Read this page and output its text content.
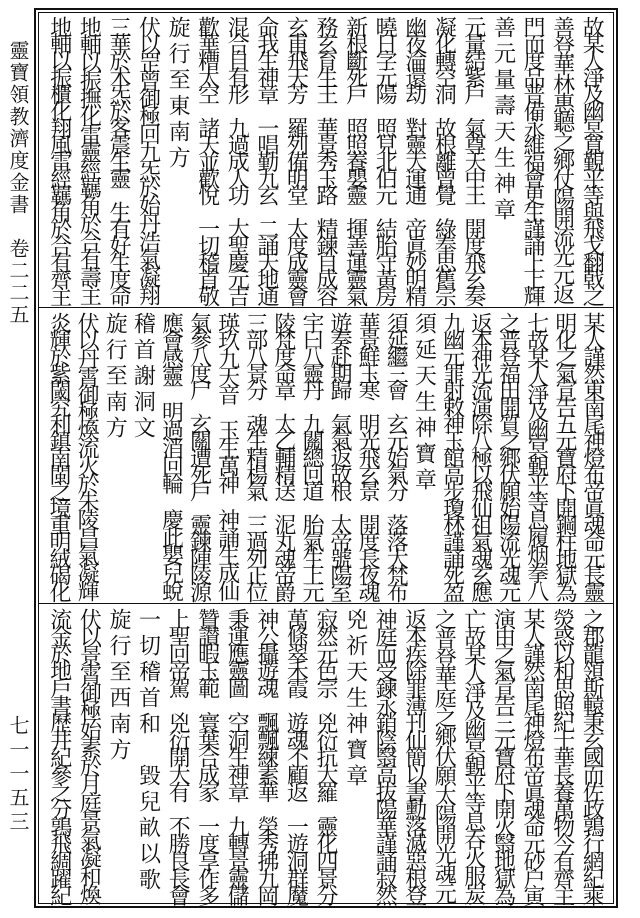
靈寶領教濟度金書　卷二二五
七一一五三
故某人淨及幽冥寬覲平等與飛戈翻戟之
善登華林惠聽之鄉仗陽開流光元返
門而度品普備永維福會更生謹誦上上輝
善元量壽天生神章
元量結紫戶　氣尊天中王　開度飛玄奏
凝化轉空洞　故根離曾覺　綠奉思舊宗
幽夜淪還劫　對靈大運通　帝眞妙明精
曉日字元陽　照見北伯元　結胎守黃房
新根斷死戶　照照養嬰靈　揮善運靈氣
務玄育生王　華景秀玉路　精鍊自成容
玄甫飛天芳　羅列備明堂　太度成靈會
命我生神章　一唱勤九玄　二誦天地通
混合自有形　九過成人功　大聖慶元吉
歡華糟太空　諸天並歡悅　一切稽首敬
旋行至東南方
伏以罡曾御極回九炁於始丹浩氣凝翔
三華於木炁於客震生靈　生有好生度命
地軸以振撫化雷靈經羈角於合有壽主
地軸以振櫃化翔風雷經羈角於合有齊主
某人謹然東南尾神燈布帝眞魂命元長靈
明化之氣宣告五元寶府下開鋼柱地獄為
七故某人淨及幽冥覲平等息履烟拳八
之普登福田開質之鄉伏願始陽流光魂元
返本神光流演除八極以飛仙祖氣魂玄應
九幽元罪射敕神玉館高步瓊林謹誦死盈
須延天生神寶章
須延繼三會　玄元始氣分　落落大梵布
華景鮮玉寒　明光飛玄景　開度長夜魂
遊奏赴期歸　氣氣返故根　太帝號陽室
宇曰八靈丹　九關總回道　胎氣生上元
陵梵度命章　太乙輔精送　泥丸魂帝爵
三部八景分　魂生精楊氣　三過列正位
瑛玖九天音　玉生萬神　神誦生成仙
氣參八度尸　玄關遭死戶　靈鍊陣陵源
應會感靈　明過消回輪　慶此嬰兒蛻
稽首謝洞文
旋行至南方
伏以丹霄御極煥流火於朱陵昌氣凝輝
炎輝於紫閾究利鎮南閩之境重明絨碣化
之郡龍領斯轅秉玄國而佐政鶉行網紀乘
熒惑以和思照紀十華長養萬物今有齊主
某人謹然南尾神燈布帝眞魂命元砂户寅
演由之氣宣告三元寶府下開火翳地獄為
亡故某人淨及幽冥覲平等息吞火服炭
之普登華庭之鄉伏願太陽開光魂元
返本疾除罪薄刊仙簡以書勳落滅惡根登
神庭而受鍊永銷陰翳高拔陽華謹誦寂然
兇祈天生神寶章
寂然元色宗　兇衍抗大羅　靈化四景分
萬條翠禾霞　遊魂不顧返　一遊洞群魔
神公攝遊魂　飄飄練素華　榮秀拂九岡
秉運應靈圖　空洞生神章　九轉景靈儲
贊讃暇玉範　寰葉合成家　一度享作多
上聖回帝駕　兇衍開大有　不勝良長會
一切稽首和　毀兒畝以歌
旋行至西南方
伏以景霄御極始素於月庭景氣凝和煥
流金於地戶書歷井紀參之分鶉飛綢躍紀
